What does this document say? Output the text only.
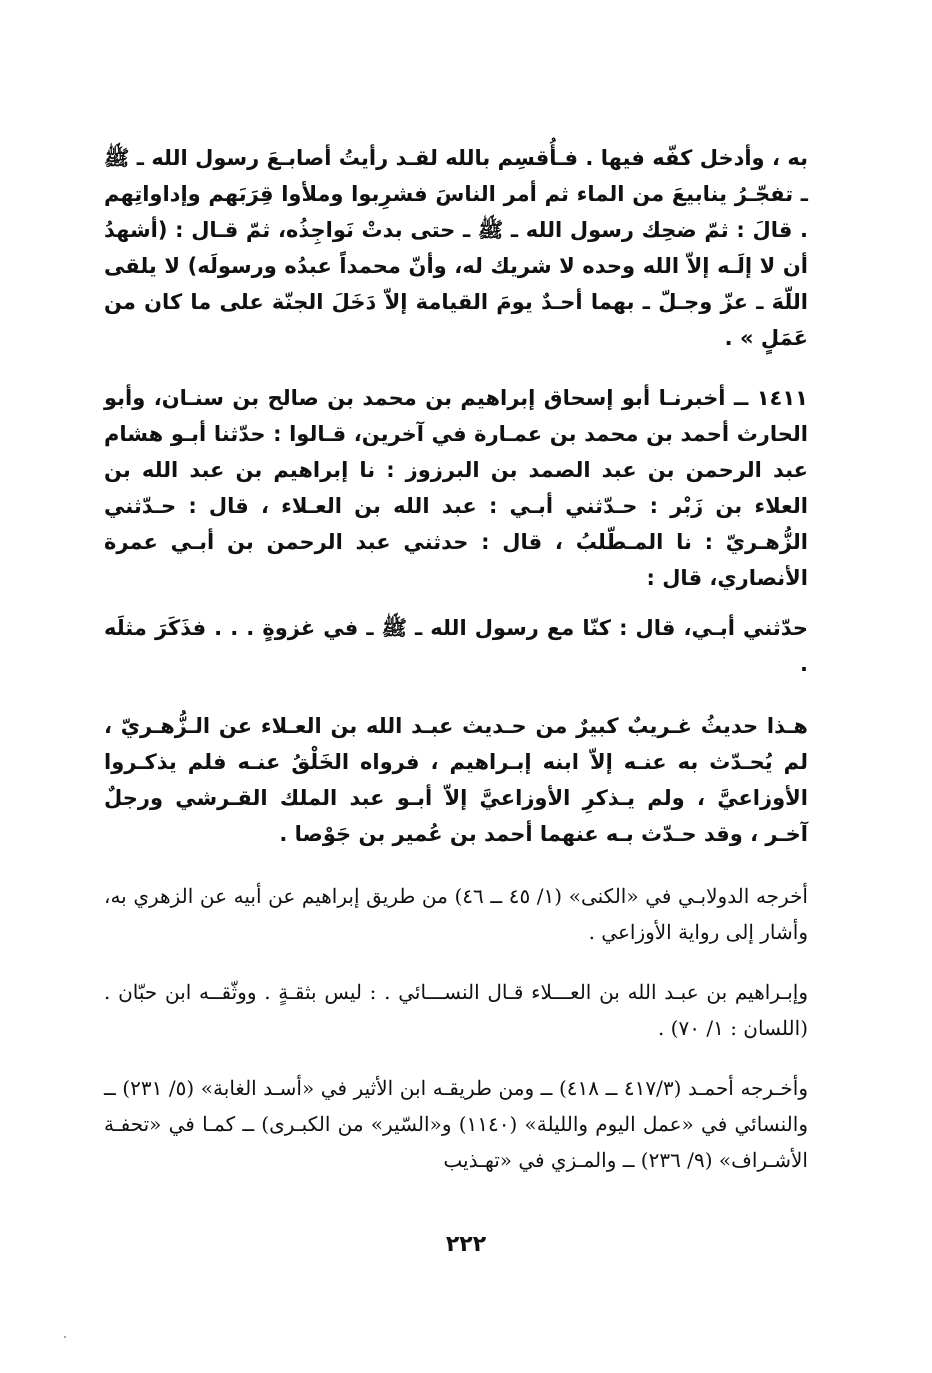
به ، وأدخل كفّه فيها . فـأُقسِم بالله لقـد رأيتُ أصابـعَ رسول الله ـ ﷺ ـ تفجّـرُ ينابيعَ من الماء ثم أمر الناسَ فشرِبوا وملأوا قِرَبَهم وإداواتِهم . قالَ : ثمّ ضحِك رسول الله ـ ﷺ ـ حتى بدتْ نَواجِذُه، ثمّ قـال : (أشهدُ أن لا إلَـه إلاّ الله وحده لا شريك له، وأنّ محمداً عبدُه ورسولَه) لا يلقى اللّهَ ـ عزّ وجـلّ ـ بهما أحـدٌ يومَ القيامة إلاّ دَخَلَ الجنّة على ما كان من عَمَلٍ » .

١٤١١ ــ أخبرنـا أبو إسحاق إبراهيم بن محمد بن صالح بن سنـان، وأبو الحارث أحمد بن محمد بن عمـارة في آخرين، قـالوا : حدّثنا أبـو هشام عبد الرحمن بن عبد الصمد بن البرزوز : نا إبراهيم بن عبد الله بن العلاء بن زَبْر : حـدّثني أبـي : عبد الله بن العـلاء ، قال : حـدّثني الزُّهـريّ : نا المـطّلبُ ، قال : حدثني عبد الرحمن بن أبـي عمرة الأنصاري، قال :

حدّثني أبـي، قال : كنّا مع رسول الله ـ ﷺ ـ في غزوةٍ . . . فذَكَرَ مثلَه .

هـذا حديثُ غـريبٌ كبيرٌ من حـديث عبـد الله بن العـلاء عن الـزُّهـريّ ، لم يُحـدّث به عنـه إلاّ ابنه إبـراهيم ، فرواه الخَلْقُ عنـه فلم يذكـروا الأوزاعيَّ ، ولم يـذكرِ الأوزاعيَّ إلاّ أبـو عبد الملك القـرشي ورجلٌ آخـر ، وقد حـدّث بـه عنهما أحمد بن عُمير بن جَوْصا .

أخرجه الدولابـي في «الكنى» (١/ ٤٥ ــ ٤٦) من طريق إبراهيم عن أبيه عن الزهري به، وأشار إلى رواية الأوزاعي .

وإبـراهيم بن عبـد الله بن العـــلاء قـال النســـائي . : ليس بثقـةٍ . ووثّقــه ابن حبّان . (اللسان : ١/ ٧٠) .

وأخـرجه أحمـد (٤١٧/٣ ــ ٤١٨) ــ ومن طريقـه ابن الأثير في «أسـد الغابة» (٥/ ٢٣١) ــ والنسائي في «عمل اليوم والليلة» (١١٤٠) و«السّير» من الكبـرى) ــ كمـا في «تحفـة الأشـراف» (٩/ ٢٣٦) ــ والمـزي في «تهـذيب

٢٢٢
